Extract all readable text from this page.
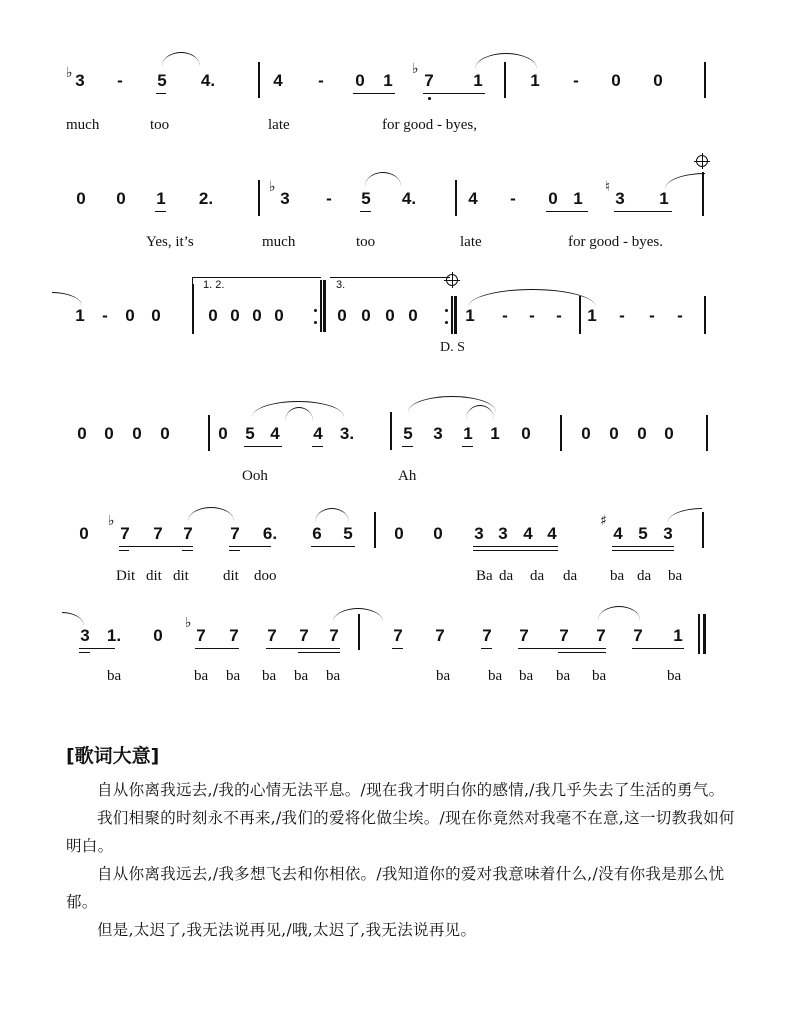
♭ 3	-	5 4.	4	-	0 1
♭
7 1	1	-	0 0
much	too	late	for good - byes,
0 0 1 2.
♭
3	-	5 4.	4	-	0 1
♮
3 1
Yes, it’s	much	too	late	for good - byes.
1	-	0 0
1. 2.
0 0 0 0
3.
0 0 0 0
D. S
1	-	-	-	1	-	-	-
0 0 0 0	0 5 4 4 3.	5 3 1 1 0	0 0 0 0
Ooh	Ah
0
♭
7 7 7 7 6. 6 5 0 0 3 3 4 4
♯
4 5 3
Dit dit dit dit doo	Ba da da da ba da ba
3 1. 0
♭
7 7 7 7 7	7 7 7 7 7 7 7 1
ba	ba ba ba ba ba	ba	ba ba ba ba	ba
[歌词大意]

自从你离我远去,/我的心情无法平息。/现在我才明白你的感情,/我几乎失去了生活的勇气。

我们相聚的时刻永不再来,/我们的爱将化做尘埃。/现在你竟然对我毫不在意,这一切教我如何明白。

自从你离我远去,/我多想飞去和你相依。/我知道你的爱对我意味着什么,/没有你我是那么忧郁。

但是,太迟了,我无法说再见,/哦,太迟了,我无法说再见。
